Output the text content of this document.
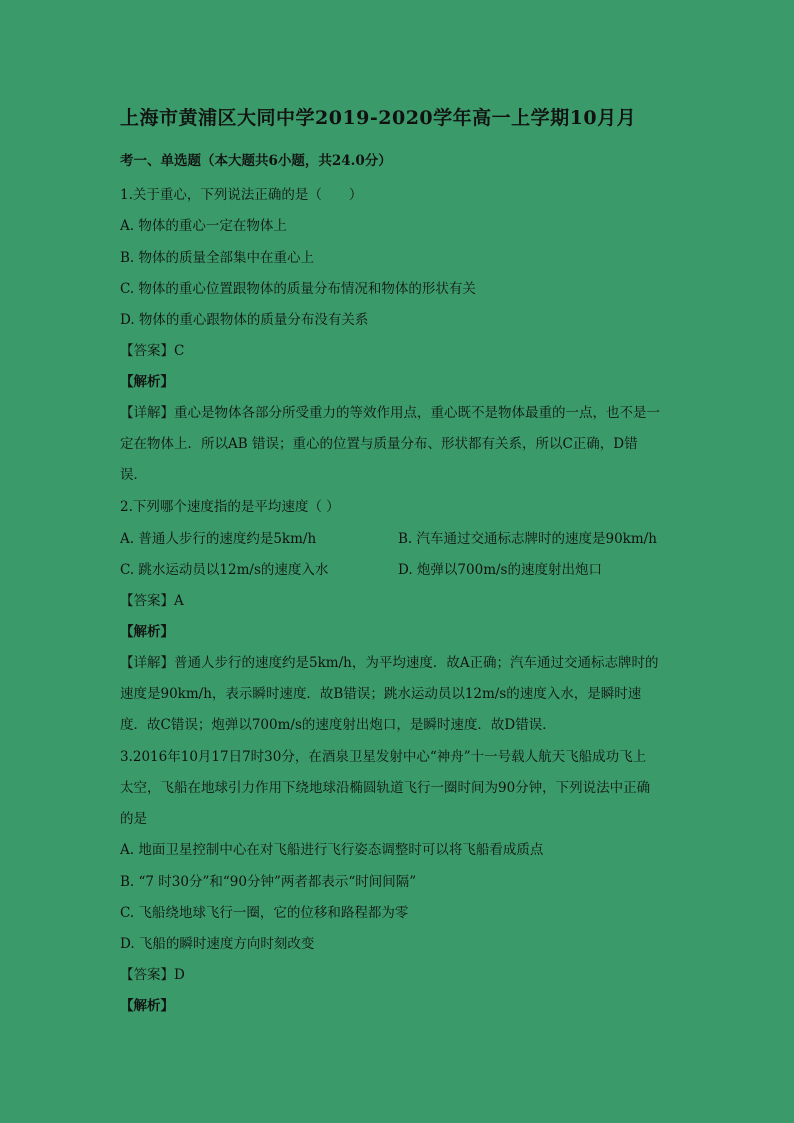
上海市黄浦区大同中学2019-2020学年高一上学期10月月
考一、单选题（本大题共6小题，共24.0分）
1.关于重心，下列说法正确的是（　　）
A. 物体的重心一定在物体上
B. 物体的质量全部集中在重心上
C. 物体的重心位置跟物体的质量分布情况和物体的形状有关
D. 物体的重心跟物体的质量分布没有关系
【答案】C
【解析】
【详解】重心是物体各部分所受重力的等效作用点，重心既不是物体最重的一点，也不是一
定在物体上．所以AB 错误；重心的位置与质量分布、形状都有关系，所以C正确，D错
误．
2.下列哪个速度指的是平均速度（ ）
A. 普通人步行的速度约是5km/h	B. 汽车通过交通标志牌时的速度是90km/h
C. 跳水运动员以12m/s的速度入水	D. 炮弹以700m/s的速度射出炮口
【答案】A
【解析】
【详解】普通人步行的速度约是5km/h，为平均速度．故A正确；汽车通过交通标志牌时的
速度是90km/h，表示瞬时速度．故B错误；跳水运动员以12m/s的速度入水，是瞬时速
度．故C错误；炮弹以700m/s的速度射出炮口，是瞬时速度．故D错误．
3.2016年10月17日7时30分，在酒泉卫星发射中心“神舟”十一号载人航天飞船成功飞上
太空，飞船在地球引力作用下绕地球沿椭圆轨道飞行一圈时间为90分钟，下列说法中正确
的是
A. 地面卫星控制中心在对飞船进行飞行姿态调整时可以将飞船看成质点
B. “7 时30分”和“90分钟”两者都表示“时间间隔”
C. 飞船绕地球飞行一圈，它的位移和路程都为零
D. 飞船的瞬时速度方向时刻改变
【答案】D
【解析】
